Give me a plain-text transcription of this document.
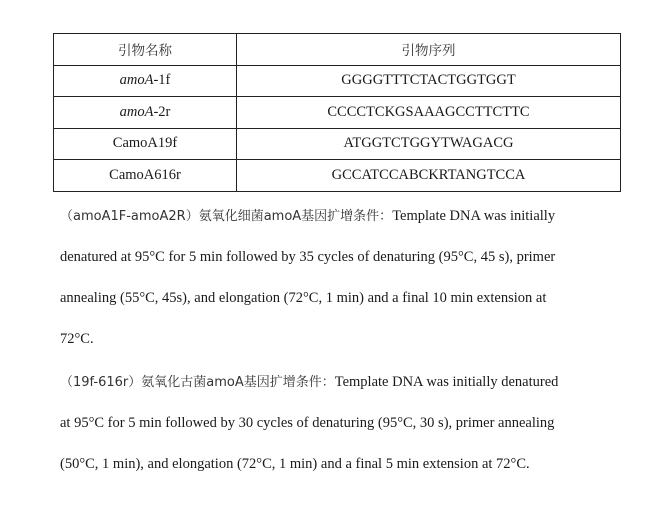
引物名称	引物序列
amoA-1f	GGGGTTTCTACTGGTGGT
amoA-2r	CCCCTCKGSAAAGCCTTCTTC
CamoA19f	ATGGTCTGGYTWAGACG
CamoA616r	GCCATCCABCKRTANGTCCA
（amoA1F-amoA2R）氨氧化细菌amoA基因扩增条件：Template DNA was initially
denatured at 95°C for 5 min followed by 35 cycles of denaturing (95°C, 45 s), primer
annealing (55°C, 45s), and elongation (72°C, 1 min) and a final 10 min extension at
72°C.
（19f-616r）氨氧化古菌amoA基因扩增条件：Template DNA was initially denatured
at 95°C for 5 min followed by 30 cycles of denaturing (95°C, 30 s), primer annealing
(50°C, 1 min), and elongation (72°C, 1 min) and a final 5 min extension at 72°C.
